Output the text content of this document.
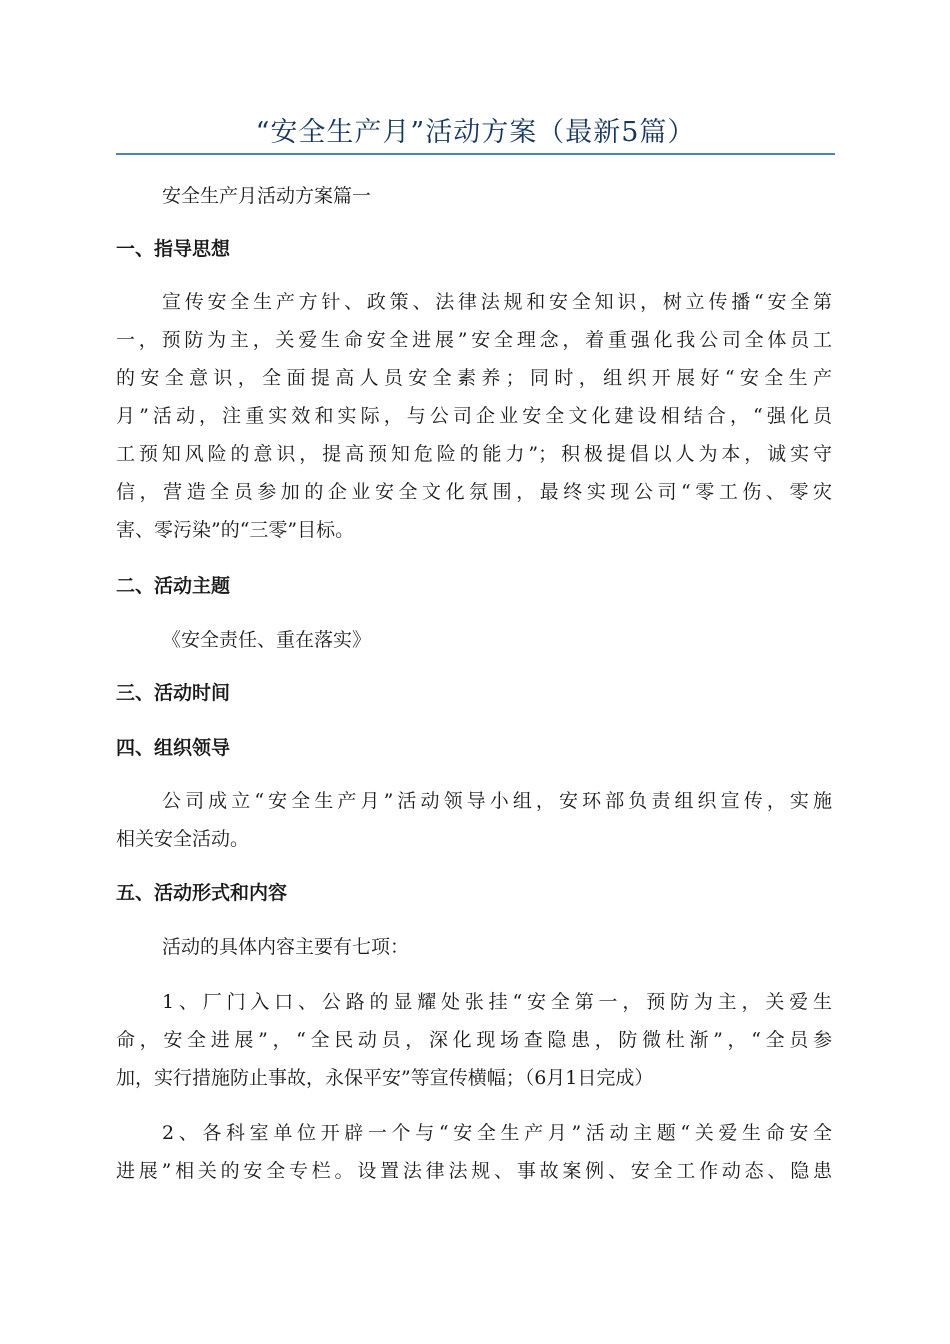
“安全生产月”活动方案（最新5篇）
安全生产月活动方案篇一
一、指导思想
宣传安全生产方针、政策、法律法规和安全知识，树立传播“安全第
一，预防为主，关爱生命安全进展”安全理念，着重强化我公司全体员工
的安全意识，全面提高人员安全素养；同时，组织开展好“安全生产
月”活动，注重实效和实际，与公司企业安全文化建设相结合，“强化员
工预知风险的意识，提高预知危险的能力”；积极提倡以人为本，诚实守
信，营造全员参加的企业安全文化氛围，最终实现公司“零工伤、零灾
害、零污染”的“三零”目标。
二、活动主题
《安全责任、重在落实》
三、活动时间
四、组织领导
公司成立“安全生产月”活动领导小组，安环部负责组织宣传，实施
相关安全活动。
五、活动形式和内容
活动的具体内容主要有七项：
1、厂门入口、公路的显耀处张挂“安全第一，预防为主，关爱生
命，安全进展”，“全民动员，深化现场查隐患，防微杜渐”，“全员参
加，实行措施防止事故，永保平安”等宣传横幅；（6月1日完成）
2、各科室单位开辟一个与“安全生产月”活动主题“关爱生命安全
进展”相关的安全专栏。设置法律法规、事故案例、安全工作动态、隐患
